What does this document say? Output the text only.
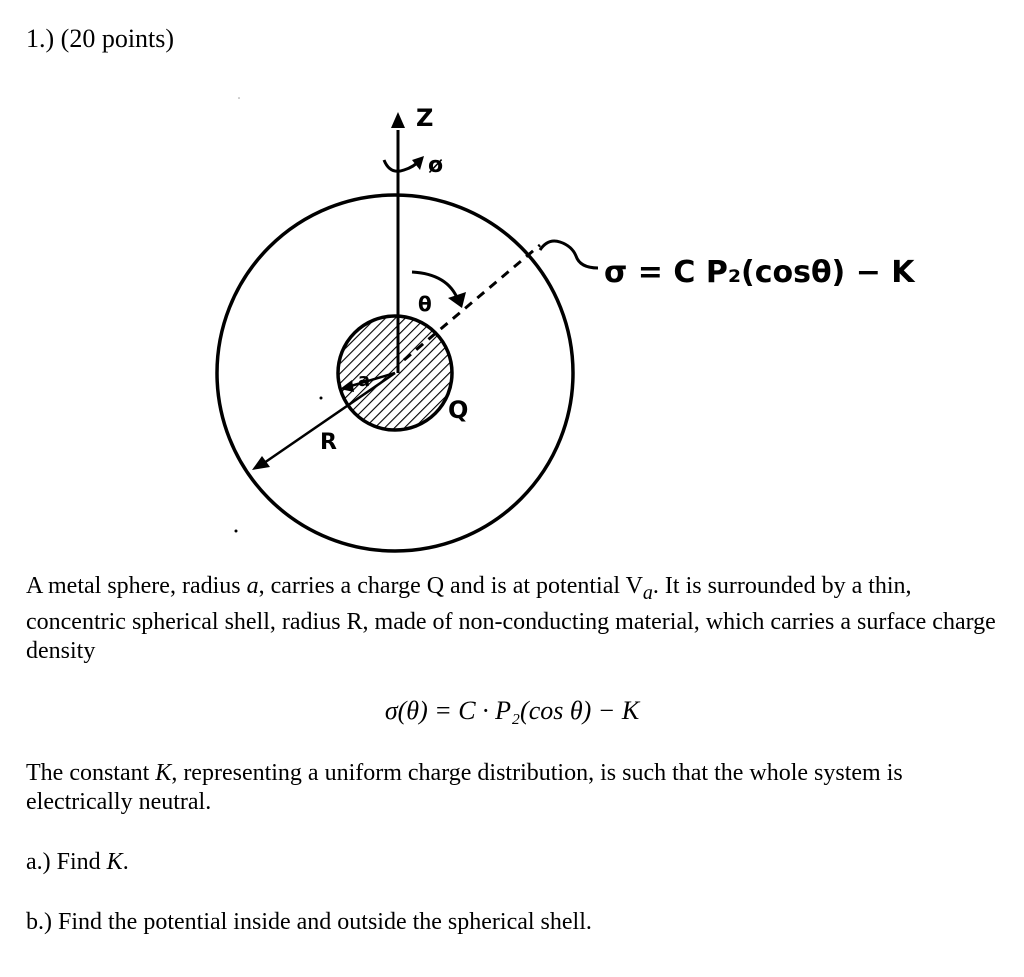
1.) (20 points)
Z
ø
θ
a
R
Q
σ = C P₂(cosθ) − K

A metal sphere, radius a, carries a charge Q and is at potential $V_a$. It is surrounded by a thin, concentric spherical shell, radius R, made of non-conducting material, which carries a surface charge density

σ(θ) = C · P₂(cos θ) − K

The constant K, representing a uniform charge distribution, is such that the whole system is electrically neutral.

a.) Find K.

b.) Find the potential inside and outside the spherical shell.
